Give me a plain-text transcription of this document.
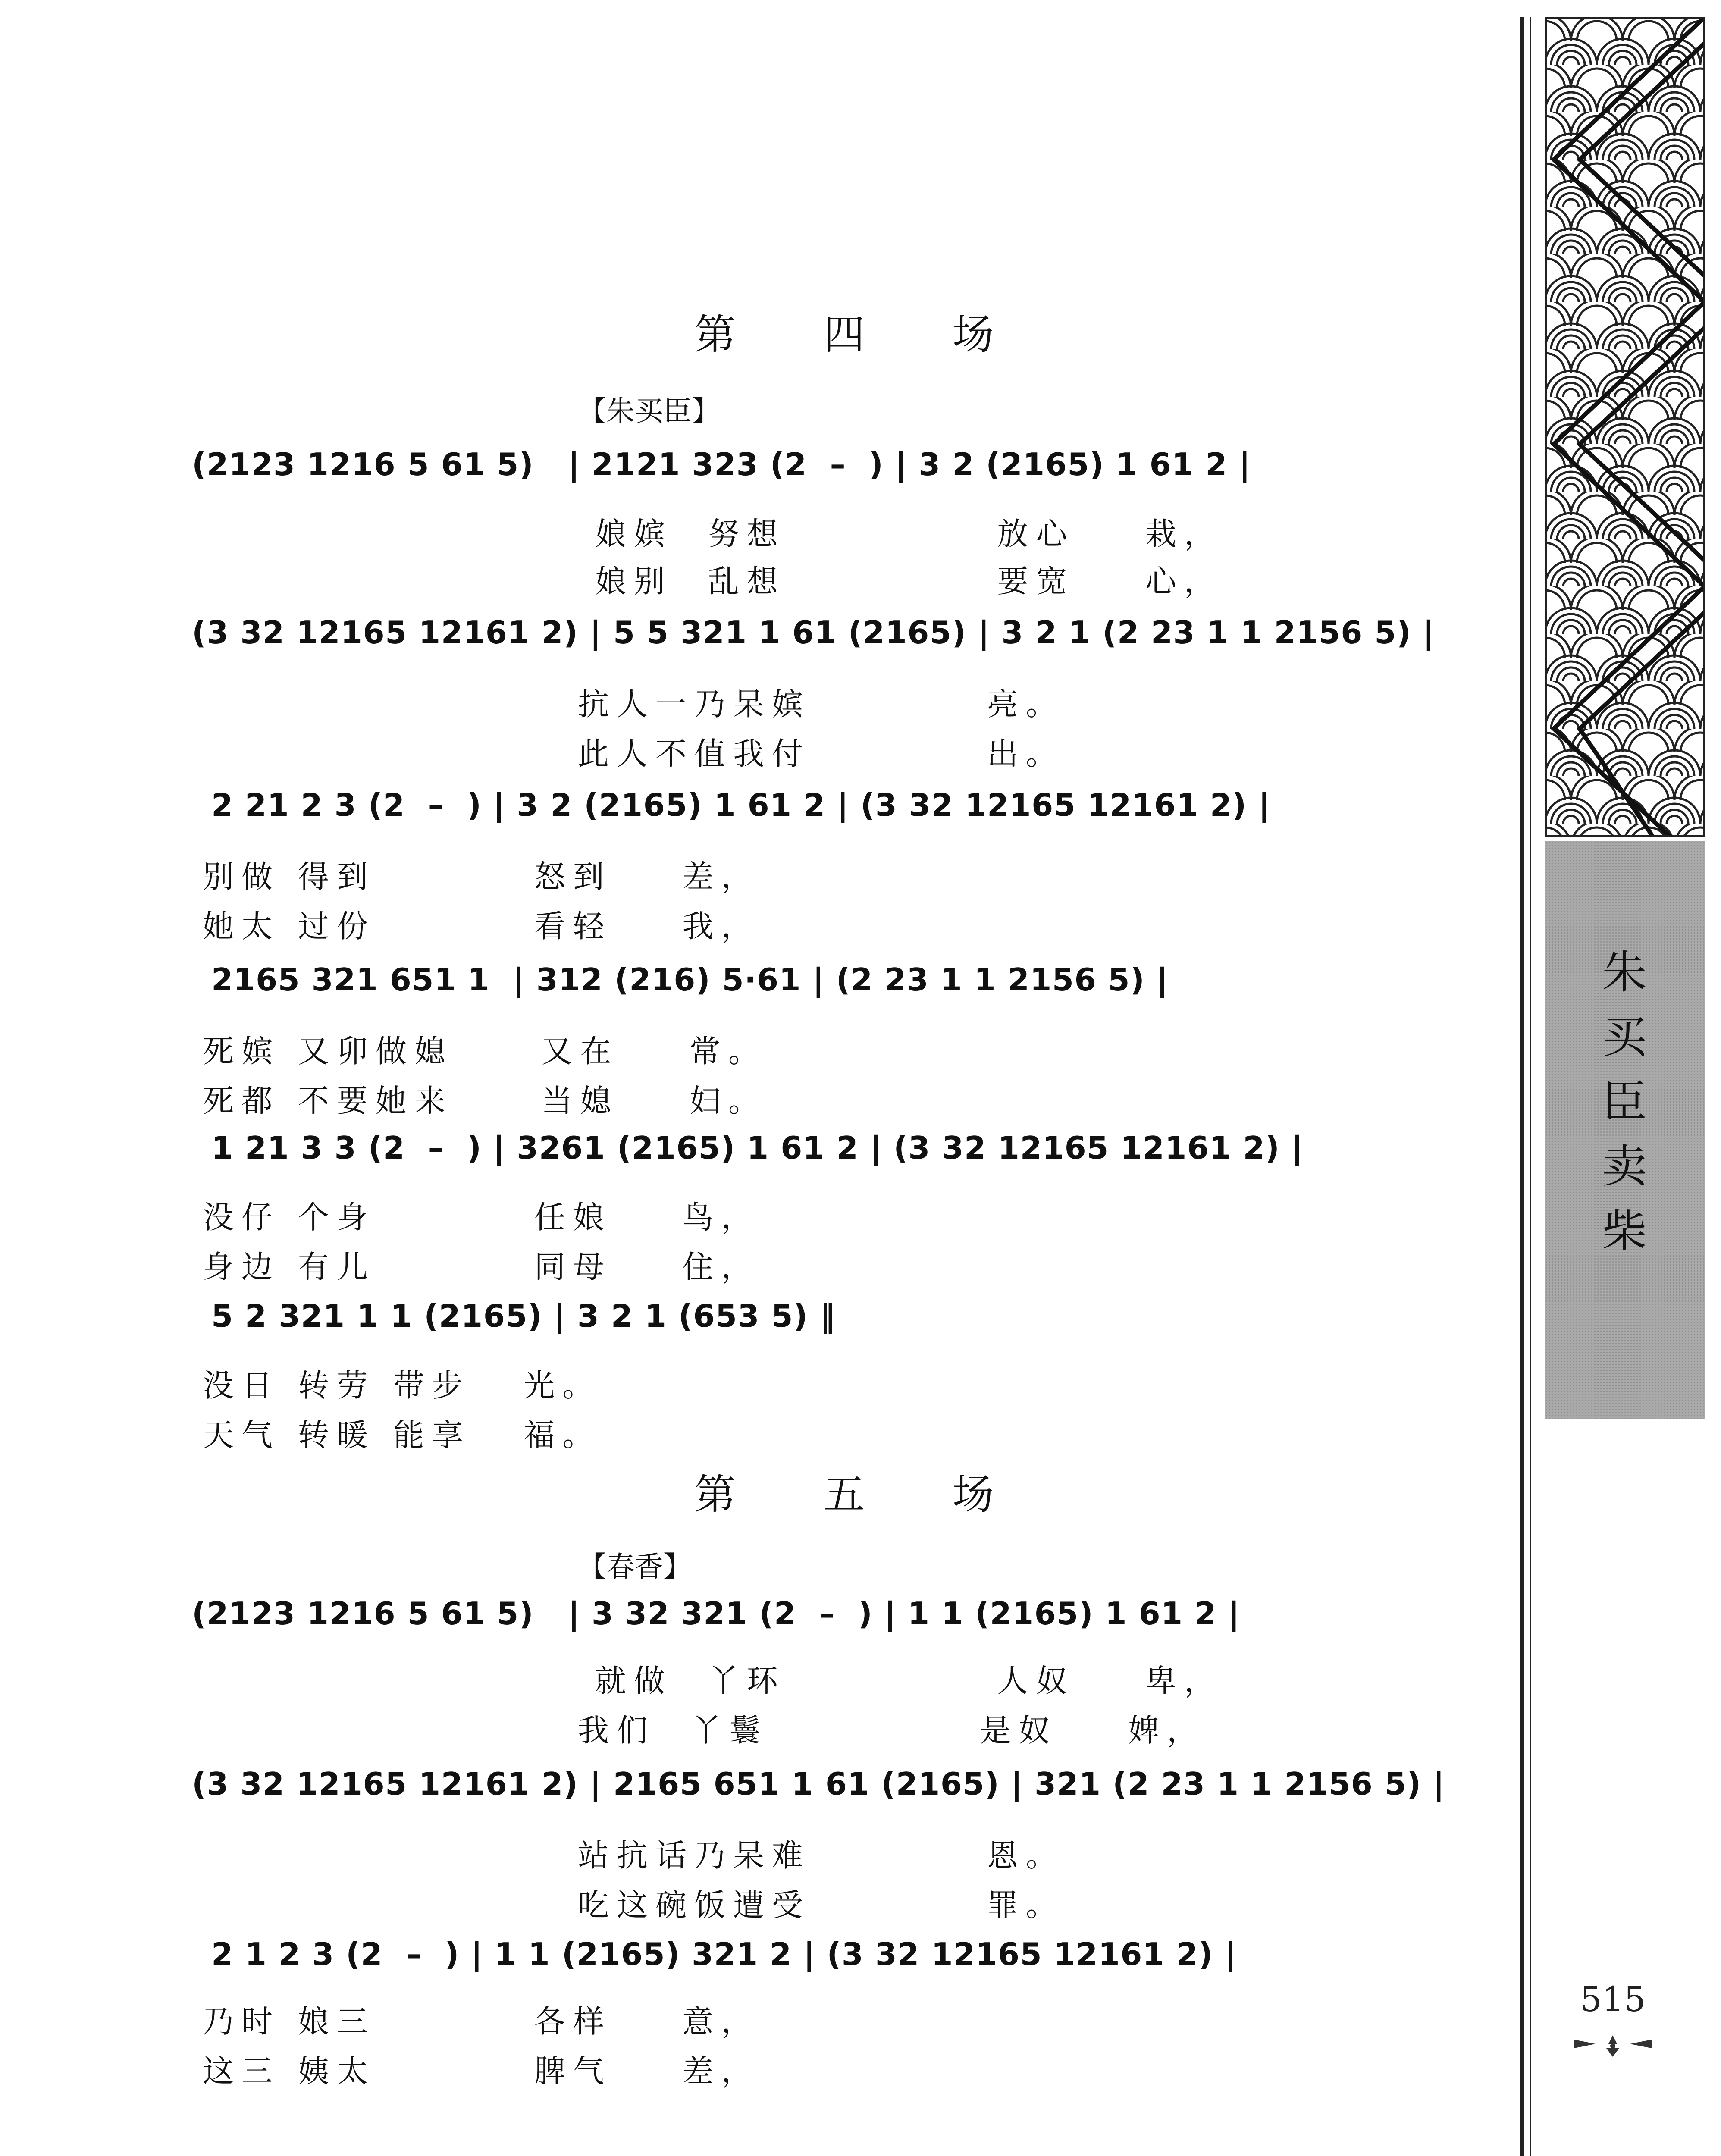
第 四 场
【朱买臣】
(2123 1216 5 61 5)   | 2121 323 (2  –  ) | 3 2 (2165) 1 61 2 |
娘嫔  努想            放心    栽，
娘别  乱想            要宽    心，
(3 32 12165 12161 2) | 5 5 321 1 61 (2165) | 3 2 1 (2 23 1 1 2156 5) |
抗人一乃呆嫔          亮。
此人不值我付          出。
2 21 2 3 (2  –  ) | 3 2 (2165) 1 61 2 | (3 32 12165 12161 2) |
别做 得到         怒到    差，
她太 过份         看轻    我，
2165 321 651 1  | 312 (216) 5·61 | (2 23 1 1 2156 5) |
死嫔 又卯做媳     又在    常。
死都 不要她来     当媳    妇。
1 21 3 3 (2  –  ) | 3261 (2165) 1 61 2 | (3 32 12165 12161 2) |
没仔 个身         任娘    鸟，
身边 有儿         同母    住，
5 2 321 1 1 (2165) | 3 2 1 (653 5) ‖
没日 转劳 带步   光。
天气 转暖 能享   福。
第 五 场
【春香】
(2123 1216 5 61 5)   | 3 32 321 (2  –  ) | 1 1 (2165) 1 61 2 |
就做  丫环            人奴    卑，
我们  丫鬟            是奴    婢，
(3 32 12165 12161 2) | 2165 651 1 61 (2165) | 321 (2 23 1 1 2156 5) |
站抗话乃呆难          恩。
吃这碗饭遭受          罪。
2 1 2 3 (2  –  ) | 1 1 (2165) 321 2 | (3 32 12165 12161 2) |
乃时 娘三         各样    意，
这三 姨太         脾气    差，
朱买臣卖柴
515
